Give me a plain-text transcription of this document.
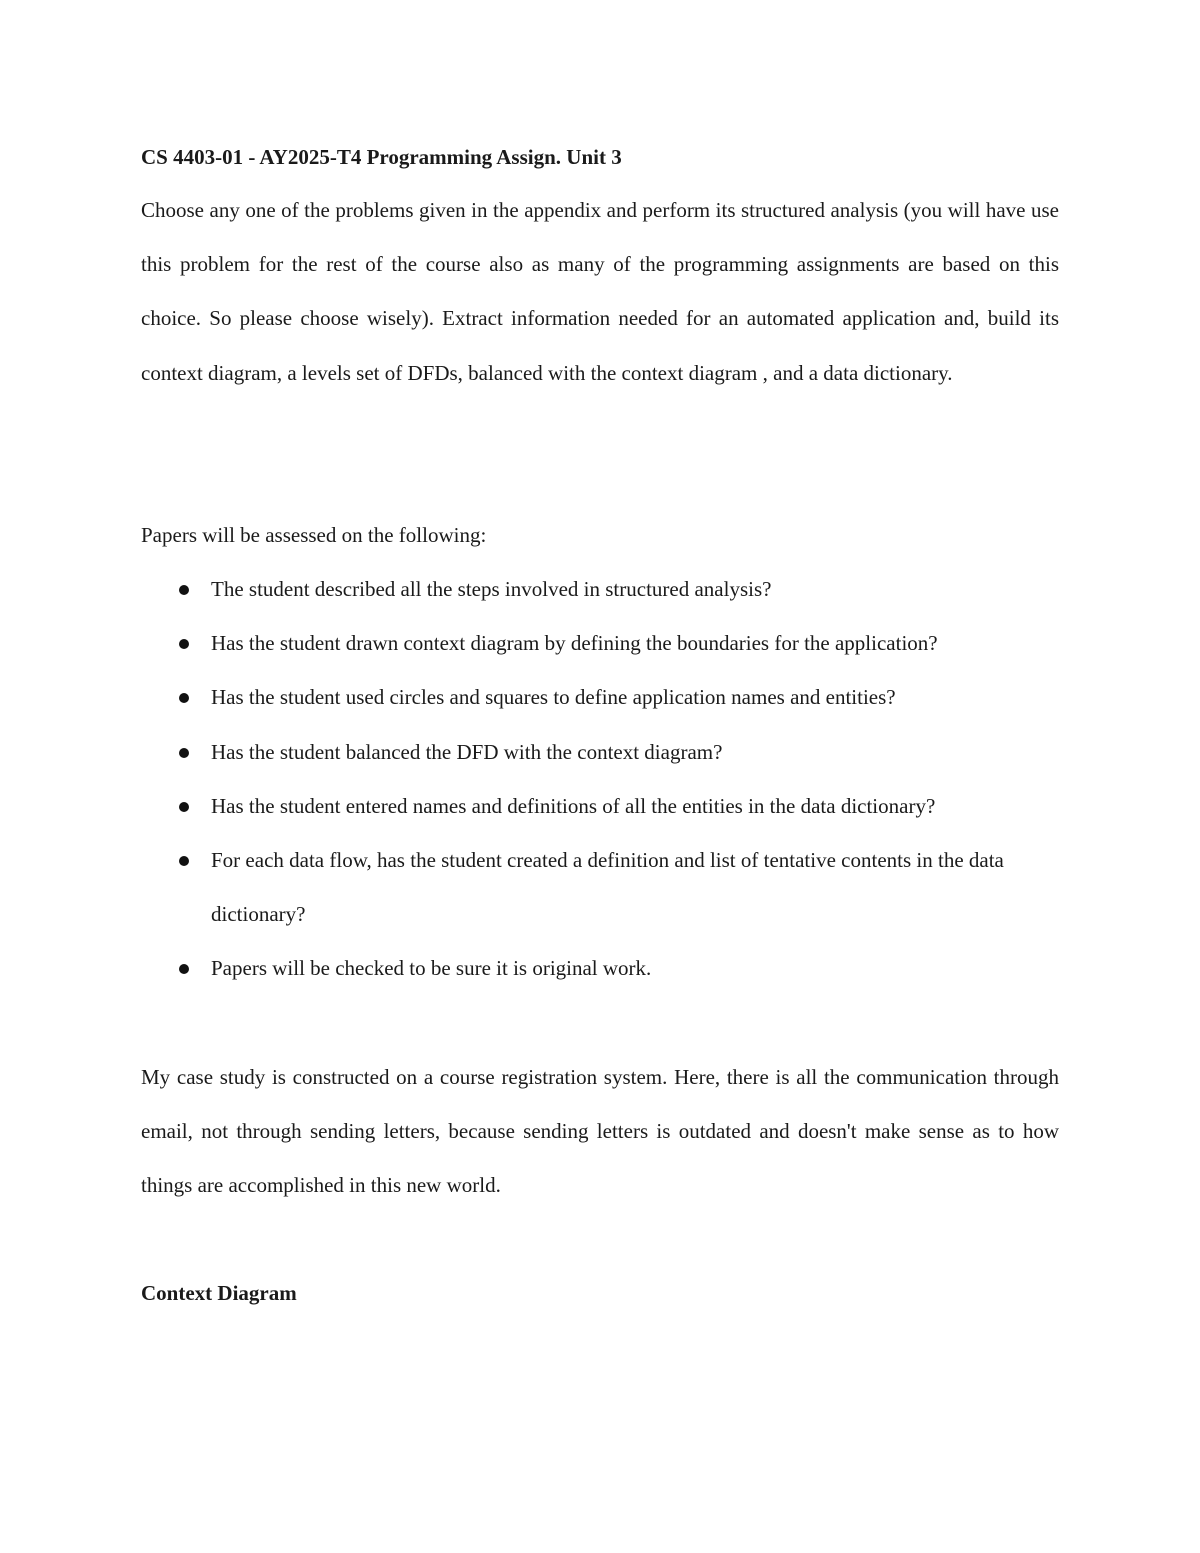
CS 4403-01 - AY2025-T4 Programming Assign. Unit 3

Choose any one of the problems given in the appendix and perform its structured analysis (you will have use this problem for the rest of the course also as many of the programming assignments are based on this choice. So please choose wisely). Extract information needed for an automated application and, build its context diagram, a levels set of DFDs, balanced with the context diagram , and a data dictionary.

Papers will be assessed on the following:

The student described all the steps involved in structured analysis?
Has the student drawn context diagram by defining the boundaries for the application?
Has the student used circles and squares to define application names and entities?
Has the student balanced the DFD with the context diagram?
Has the student entered names and definitions of all the entities in the data dictionary?
For each data flow, has the student created a definition and list of tentative contents in the data dictionary?
Papers will be checked to be sure it is original work.

My case study is constructed on a course registration system. Here, there is all the communication through email, not through sending letters, because sending letters is outdated and doesn't make sense as to how things are accomplished in this new world.

Context Diagram
